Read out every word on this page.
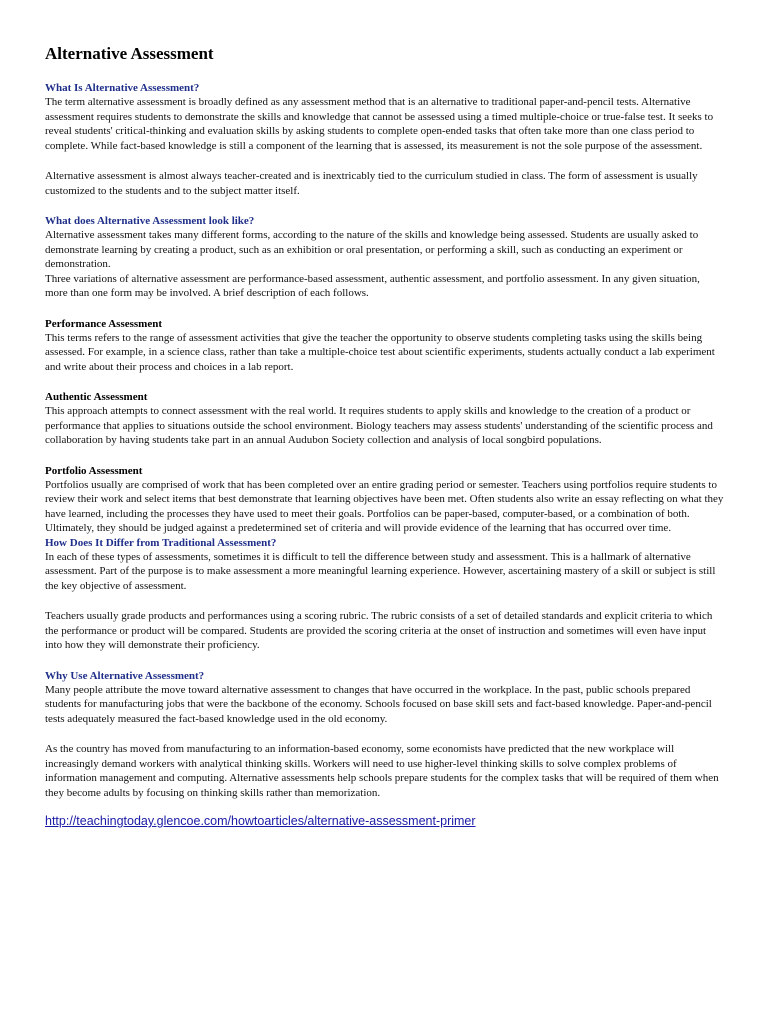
Alternative Assessment
What Is Alternative Assessment?

The term alternative assessment is broadly defined as any assessment method that is an alternative to traditional paper-and-pencil tests. Alternative assessment requires students to demonstrate the skills and knowledge that cannot be assessed using a timed multiple-choice or true-false test. It seeks to reveal students' critical-thinking and evaluation skills by asking students to complete open-ended tasks that often take more than one class period to complete. While fact-based knowledge is still a component of the learning that is assessed, its measurement is not the sole purpose of the assessment.

Alternative assessment is almost always teacher-created and is inextricably tied to the curriculum studied in class. The form of assessment is usually customized to the students and to the subject matter itself.

What does Alternative Assessment look like?

Alternative assessment takes many different forms, according to the nature of the skills and knowledge being assessed. Students are usually asked to demonstrate learning by creating a product, such as an exhibition or oral presentation, or performing a skill, such as conducting an experiment or demonstration.

Three variations of alternative assessment are performance-based assessment, authentic assessment, and portfolio assessment. In any given situation, more than one form may be involved. A brief description of each follows.

Performance Assessment

This terms refers to the range of assessment activities that give the teacher the opportunity to observe students completing tasks using the skills being assessed. For example, in a science class, rather than take a multiple-choice test about scientific experiments, students actually conduct a lab experiment and write about their process and choices in a lab report.

Authentic Assessment

This approach attempts to connect assessment with the real world. It requires students to apply skills and knowledge to the creation of a product or performance that applies to situations outside the school environment. Biology teachers may assess students' understanding of the scientific process and collaboration by having students take part in an annual Audubon Society collection and analysis of local songbird populations.

Portfolio Assessment

Portfolios usually are comprised of work that has been completed over an entire grading period or semester. Teachers using portfolios require students to review their work and select items that best demonstrate that learning objectives have been met. Often students also write an essay reflecting on what they have learned, including the processes they have used to meet their goals. Portfolios can be paper-based, computer-based, or a combination of both. Ultimately, they should be judged against a predetermined set of criteria and will provide evidence of the learning that has occurred over time.

How Does It Differ from Traditional Assessment?

In each of these types of assessments, sometimes it is difficult to tell the difference between study and assessment. This is a hallmark of alternative assessment. Part of the purpose is to make assessment a more meaningful learning experience. However, ascertaining mastery of a skill or subject is still the key objective of assessment.

Teachers usually grade products and performances using a scoring rubric. The rubric consists of a set of detailed standards and explicit criteria to which the performance or product will be compared. Students are provided the scoring criteria at the onset of instruction and sometimes will even have input into how they will demonstrate their proficiency.

Why Use Alternative Assessment?

Many people attribute the move toward alternative assessment to changes that have occurred in the workplace. In the past, public schools prepared students for manufacturing jobs that were the backbone of the economy. Schools focused on base skill sets and fact-based knowledge. Paper-and-pencil tests adequately measured the fact-based knowledge used in the old economy.

As the country has moved from manufacturing to an information-based economy, some economists have predicted that the new workplace will increasingly demand workers with analytical thinking skills. Workers will need to use higher-level thinking skills to solve complex problems of information management and computing. Alternative assessments help schools prepare students for the complex tasks that will be required of them when they become adults by focusing on thinking skills rather than memorization.

http://teachingtoday.glencoe.com/howtoarticles/alternative-assessment-primer
